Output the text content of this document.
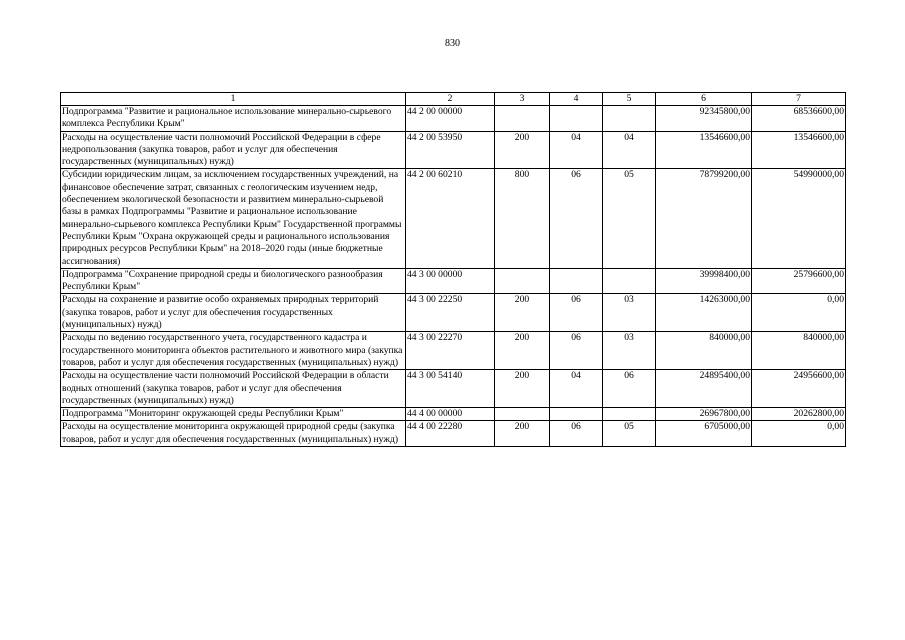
830
1	2	3	4	5	6	7
Подпрограмма "Развитие и рациональное использование минерально-сырьевого комплекса Республики Крым"	44 2 00 00000				92345800,00	68536600,00
Расходы на осуществление части полномочий Российской Федерации в сфере недропользования (закупка товаров, работ и услуг для обеспечения государственных (муниципальных) нужд)	44 2 00 53950	200	04	04	13546600,00	13546600,00
Субсидии юридическим лицам, за исключением государственных учреждений, на финансовое обеспечение затрат, связанных с геологическим изучением недр, обеспечением экологической безопасности и развитием минерально-сырьевой базы в рамках Подпрограммы "Развитие и рациональное использование минерально-сырьевого комплекса Республики Крым" Государственной программы Республики Крым "Охрана окружающей среды и рационального использования природных ресурсов Республики Крым" на 2018–2020 годы (иные бюджетные ассигнования)	44 2 00 60210	800	06	05	78799200,00	54990000,00
Подпрограмма "Сохранение природной среды и биологического разнообразия Республики Крым"	44 3 00 00000				39998400,00	25796600,00
Расходы на сохранение и развитие особо охраняемых природных территорий (закупка товаров, работ и услуг для обеспечения государственных (муниципальных) нужд)	44 3 00 22250	200	06	03	14263000,00	0,00
Расходы по ведению государственного учета, государственного кадастра и государственного мониторинга объектов растительного и животного мира (закупка товаров, работ и услуг для обеспечения государственных (муниципальных) нужд)	44 3 00 22270	200	06	03	840000,00	840000,00
Расходы на осуществление части полномочий Российской Федерации в области водных отношений (закупка товаров, работ и услуг для обеспечения государственных (муниципальных) нужд)	44 3 00 54140	200	04	06	24895400,00	24956600,00
Подпрограмма "Мониторинг окружающей среды Республики Крым"	44 4 00 00000				26967800,00	20262800,00
Расходы на осуществление мониторинга окружающей природной среды (закупка товаров, работ и услуг для обеспечения государственных (муниципальных) нужд)	44 4 00 22280	200	06	05	6705000,00	0,00
